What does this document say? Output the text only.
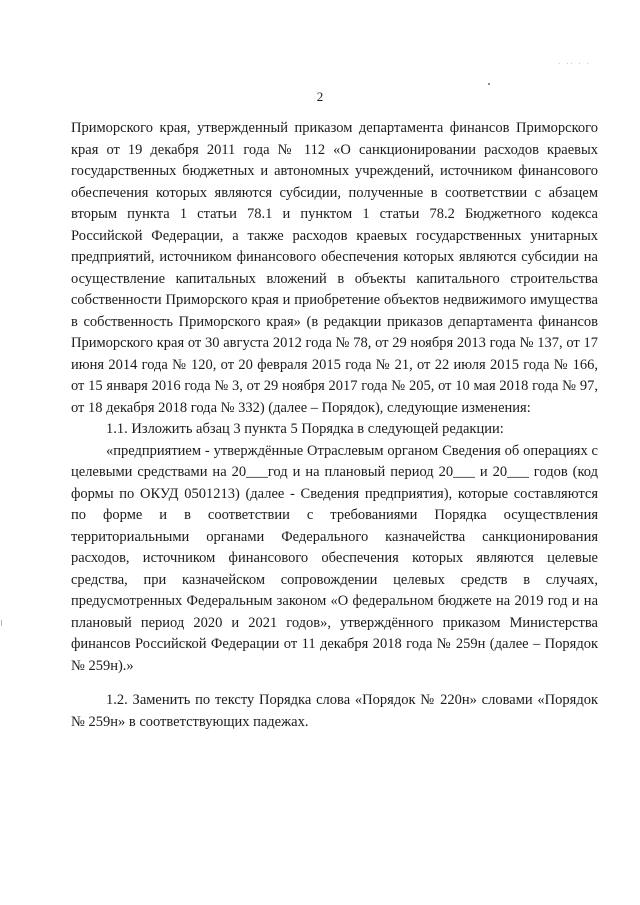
· ·· · ·
2

Приморского края, утвержденный приказом департамента финансов Приморского края от 19 декабря 2011 года № 112 «О санкционировании расходов краевых государственных бюджетных и автономных учреждений, источником финансового обеспечения которых являются субсидии, полученные в соответствии с абзацем вторым пункта 1 статьи 78.1 и пунктом 1 статьи 78.2 Бюджетного кодекса Российской Федерации, а также расходов краевых государственных унитарных предприятий, источником финансового обеспечения которых являются субсидии на осуществление капитальных вложений в объекты капитального строительства собственности Приморского края и приобретение объектов недвижимого имущества в собственность Приморского края» (в редакции приказов департамента финансов Приморского края от 30 августа 2012 года № 78, от 29 ноября 2013 года № 137, от 17 июня 2014 года № 120, от 20 февраля 2015 года № 21, от 22 июля 2015 года № 166, от 15 января 2016 года № 3, от 29 ноября 2017 года № 205, от 10 мая 2018 года № 97, от 18 декабря 2018 года № 332) (далее – Порядок), следующие изменения:

1.1. Изложить абзац 3 пункта 5 Порядка в следующей редакции:

«предприятием - утверждённые Отраслевым органом Сведения об операциях с целевыми средствами на 20___год и на плановый период 20___ и 20___ годов (код формы по ОКУД 0501213) (далее - Сведения предприятия), которые составляются по форме и в соответствии с требованиями Порядка осуществления территориальными органами Федерального казначейства санкционирования расходов, источником финансового обеспечения которых являются целевые средства, при казначейском сопровождении целевых средств в случаях, предусмотренных Федеральным законом «О федеральном бюджете на 2019 год и на плановый период 2020 и 2021 годов», утверждённого приказом Министерства финансов Российской Федерации от 11 декабря 2018 года № 259н (далее – Порядок № 259н).»

1.2. Заменить по тексту Порядка слова «Порядок № 220н» словами «Порядок № 259н» в соответствующих падежах.
